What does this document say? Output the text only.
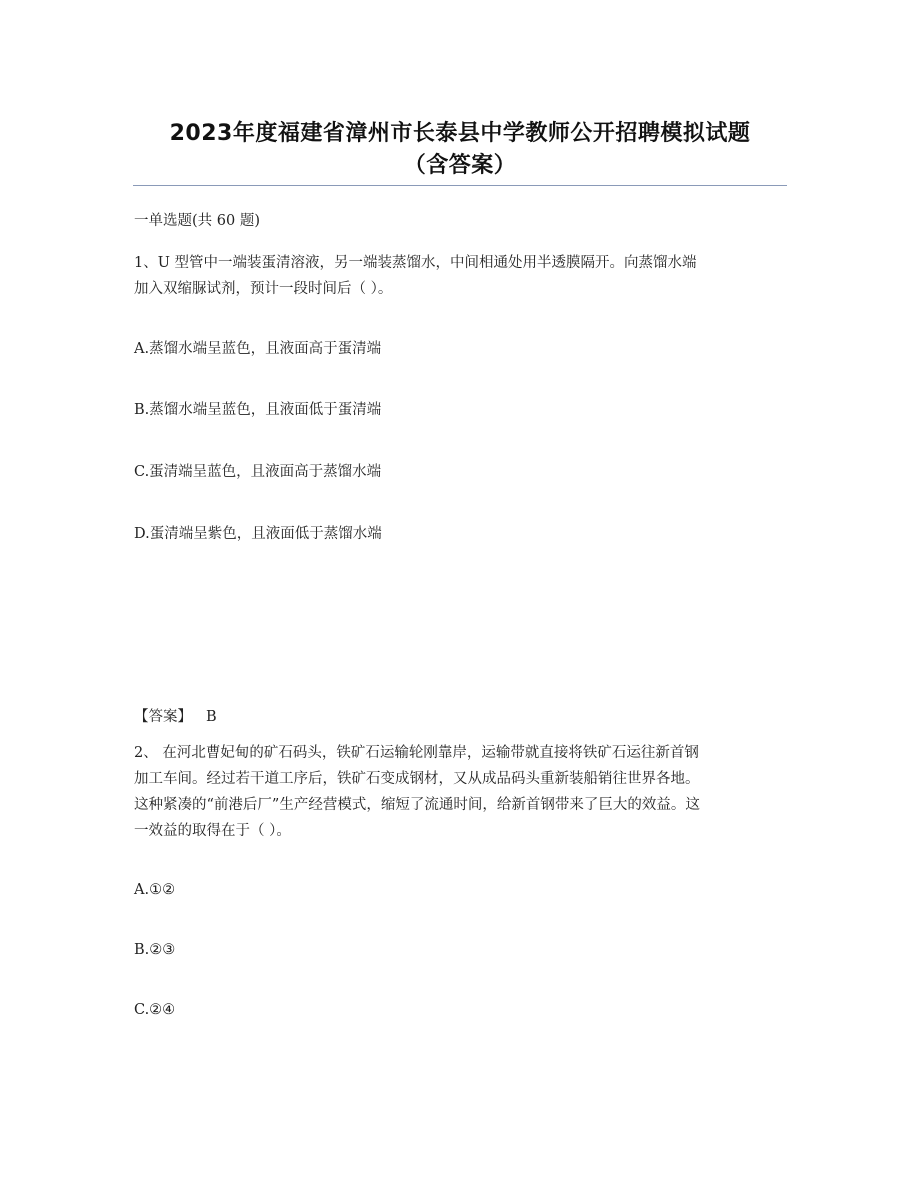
2023年度福建省漳州市长泰县中学教师公开招聘模拟试题
（含答案）
一单选题(共 60 题)
1、U 型管中一端装蛋清溶液，另一端装蒸馏水，中间相通处用半透膜隔开。向蒸馏水端
加入双缩脲试剂，预计一段时间后（ ）。
A.蒸馏水端呈蓝色，且液面高于蛋清端
B.蒸馏水端呈蓝色，且液面低于蛋清端
C.蛋清端呈蓝色，且液面高于蒸馏水端
D.蛋清端呈紫色，且液面低于蒸馏水端
【答案】 B
2、 在河北曹妃甸的矿石码头，铁矿石运输轮刚靠岸，运输带就直接将铁矿石运往新首钢
加工车间。经过若干道工序后，铁矿石变成钢材，又从成品码头重新装船销往世界各地。
这种紧凑的“前港后厂”生产经营模式，缩短了流通时间，给新首钢带来了巨大的效益。这
一效益的取得在于（ ）。
A.①②
B.②③
C.②④
